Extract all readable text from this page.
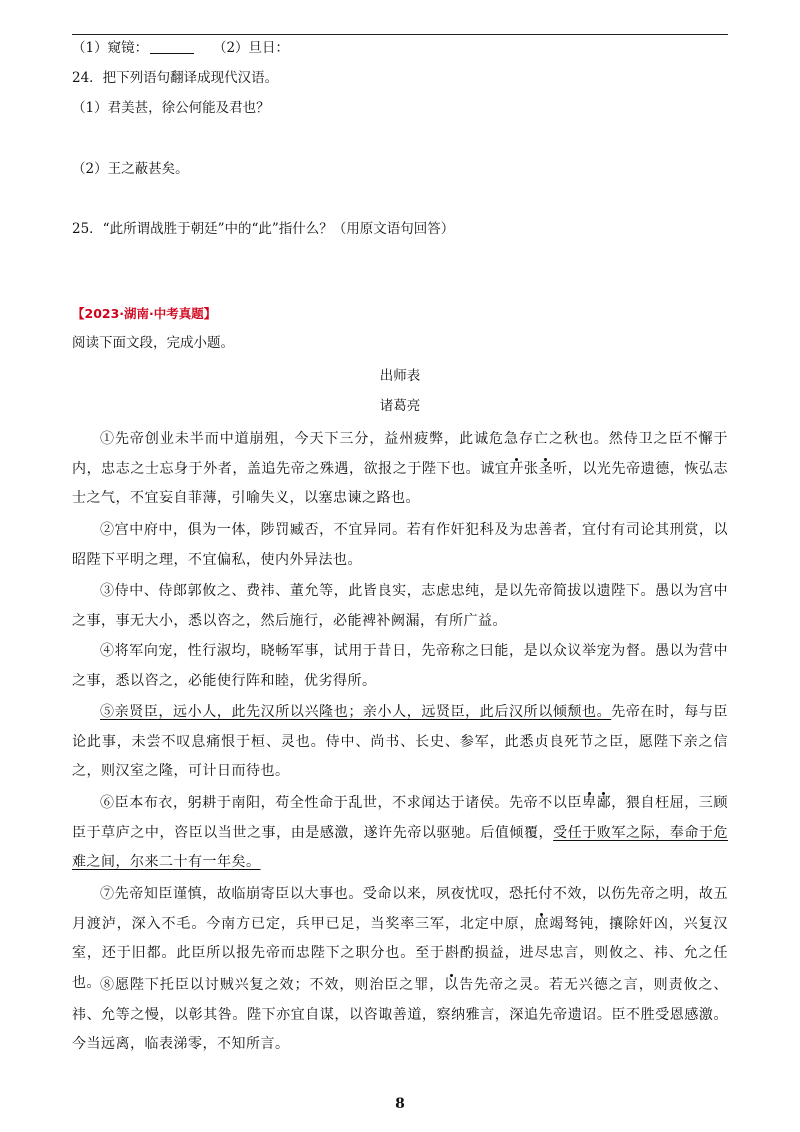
（1）窥镜：	（2）旦日：
24．把下列语句翻译成现代汉语。
（1）君美甚，徐公何能及君也？
（2）王之蔽甚矣。
25．“此所谓战胜于朝廷”中的“此”指什么？（用原文语句回答）
【2023·湖南·中考真题】
阅读下面文段，完成小题。
出师表
诸葛亮
①先帝创业未半而中道崩殂，今天下三分，益州疲弊，此诚危急存亡之秋也。然侍卫之臣不懈于内，忠志之士忘身于外者，盖追先帝之殊遇，欲报之于陛下也。诚宜开张圣听，以光先帝遗德，恢弘志士之气，不宜妄自菲薄，引喻失义，以塞忠谏之路也。
②宫中府中，俱为一体，陟罚臧否，不宜异同。若有作奸犯科及为忠善者，宜付有司论其刑赏，以昭陛下平明之理，不宜偏私，使内外异法也。
③侍中、侍郎郭攸之、费祎、董允等，此皆良实，志虑忠纯，是以先帝简拔以遗陛下。愚以为宫中之事，事无大小，悉以咨之，然后施行，必能裨补阙漏，有所广益。
④将军向宠，性行淑均，晓畅军事，试用于昔日，先帝称之曰能，是以众议举宠为督。愚以为营中之事，悉以咨之，必能使行阵和睦，优劣得所。
⑤亲贤臣，远小人，此先汉所以兴隆也；亲小人，远贤臣，此后汉所以倾颓也。先帝在时，每与臣论此事，未尝不叹息痛恨于桓、灵也。侍中、尚书、长史、参军，此悉贞良死节之臣，愿陛下亲之信之，则汉室之隆，可计日而待也。
⑥臣本布衣，躬耕于南阳，苟全性命于乱世，不求闻达于诸侯。先帝不以臣卑鄙，猥自枉屈，三顾臣于草庐之中，咨臣以当世之事，由是感激，遂许先帝以驱驰。后值倾覆，受任于败军之际，奉命于危难之间，尔来二十有一年矣。
⑦先帝知臣谨慎，故临崩寄臣以大事也。受命以来，夙夜忧叹，恐托付不效，以伤先帝之明，故五月渡泸，深入不毛。今南方已定，兵甲已足，当奖率三军，北定中原，庶竭驽钝，攘除奸凶，兴复汉室，还于旧都。此臣所以报先帝而忠陛下之职分也。至于斟酌损益，进尽忠言，则攸之、祎、允之任也。 ⑧愿陛下托臣以讨贼兴复之效；不效，则治臣之罪，以告先帝之灵。若无兴德之言，则责攸之、祎、允等之慢，以彰其咎。陛下亦宜自谋，以咨诹善道，察纳雅言，深追先帝遗诏。臣不胜受恩感激。今当远离，临表涕零，不知所言。
8
